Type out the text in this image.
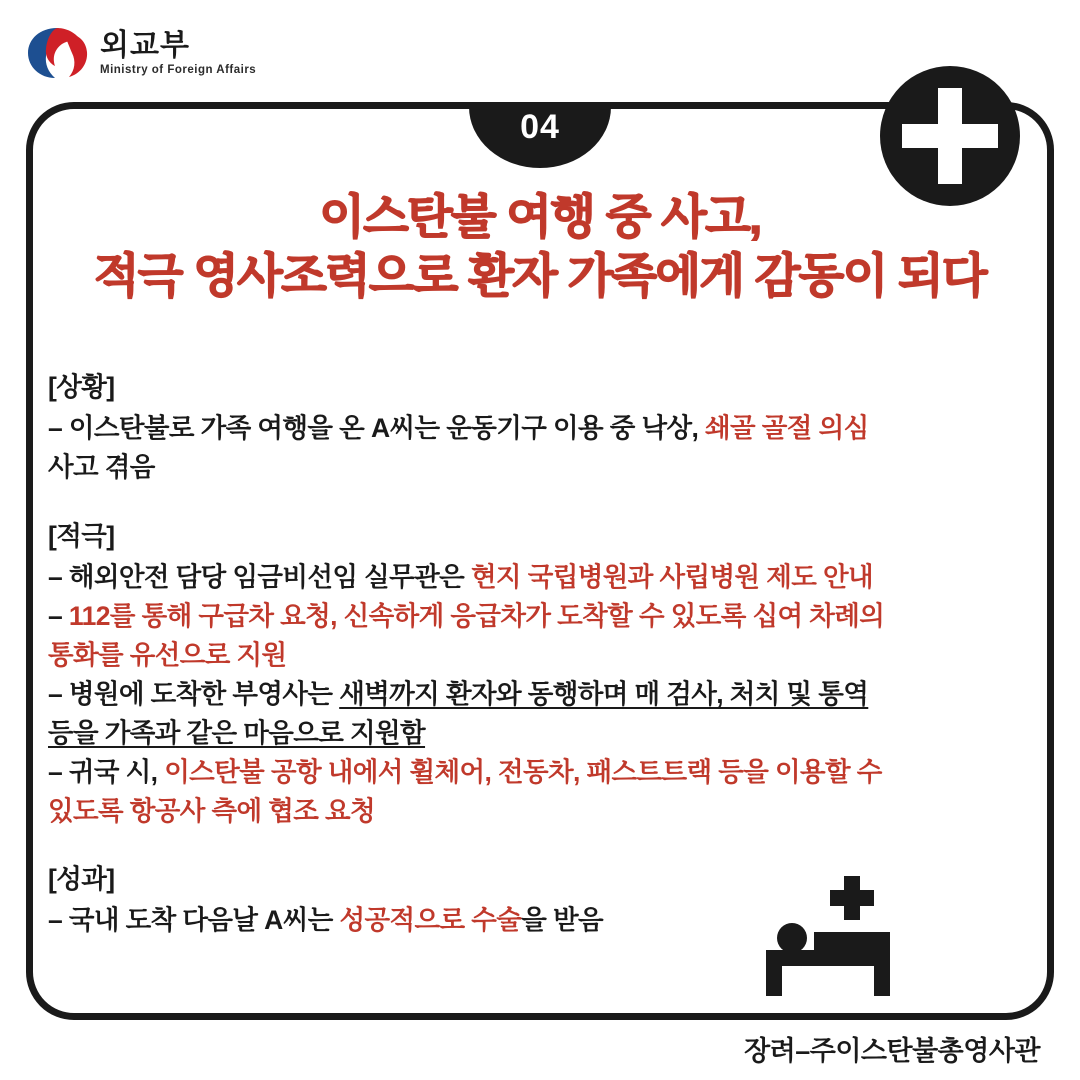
외교부
Ministry of Foreign Affairs
04
이스탄불 여행 중 사고,
적극 영사조력으로 환자 가족에게 감동이 되다
[상황]
– 이스탄불로 가족 여행을 온 A씨는 운동기구 이용 중 낙상, 쇄골 골절 의심
사고 겪음
[적극]
– 해외안전 담당 임금비선임 실무관은 현지 국립병원과 사립병원 제도 안내
– 112를 통해 구급차 요청, 신속하게 응급차가 도착할 수 있도록 십여 차례의
통화를 유선으로 지원
– 병원에 도착한 부영사는 새벽까지 환자와 동행하며 매 검사, 처치 및 통역
등을 가족과 같은 마음으로 지원함
– 귀국 시, 이스탄불 공항 내에서 휠체어, 전동차, 패스트트랙 등을 이용할 수
있도록 항공사 측에 협조 요청
[성과]
– 국내 도착 다음날 A씨는 성공적으로 수술을 받음
장려–주이스탄불총영사관
